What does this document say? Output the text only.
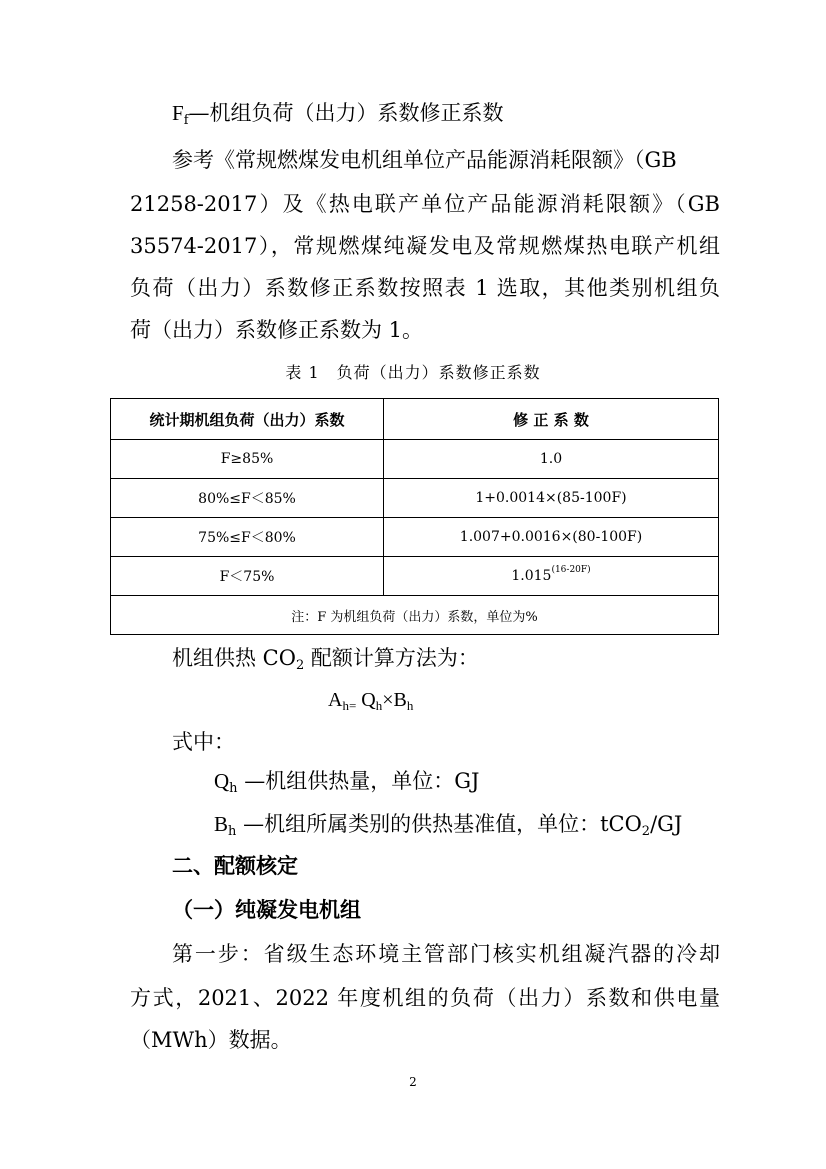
$F_f—$机组负荷（出力）系数修正系数
参考《常规燃煤发电机组单位产品能源消耗限额》（GB
21258-2017）及《热电联产单位产品能源消耗限额》（GB
35574-2017），常规燃煤纯凝发电及常规燃煤热电联产机组
负荷（出力）系数修正系数按照表 1 选取，其他类别机组负
荷（出力）系数修正系数为 1。
表 1　负荷（出力）系数修正系数
统计期机组负荷（出力）系数	修 正 系 数
F≥85%	1.0
80%≤F＜85%	1+0.0014×(85-100F)
75%≤F＜80%	1.007+0.0016×(80-100F)
F＜75%	$1.015^{(16-20F)}$
注：F 为机组负荷（出力）系数，单位为%	
机组供热 $CO_2$ 配额计算方法为：
$A_{h=}$ $Q_h\times B_h$
式中：
$Q_h$ —机组供热量，单位：GJ
$B_h$ —机组所属类别的供热基准值，单位：tCO$_2$/GJ
二、配额核定
（一）纯凝发电机组
第一步：省级生态环境主管部门核实机组凝汽器的冷却
方式，2021、2022 年度机组的负荷（出力）系数和供电量
（MWh）数据。
2
